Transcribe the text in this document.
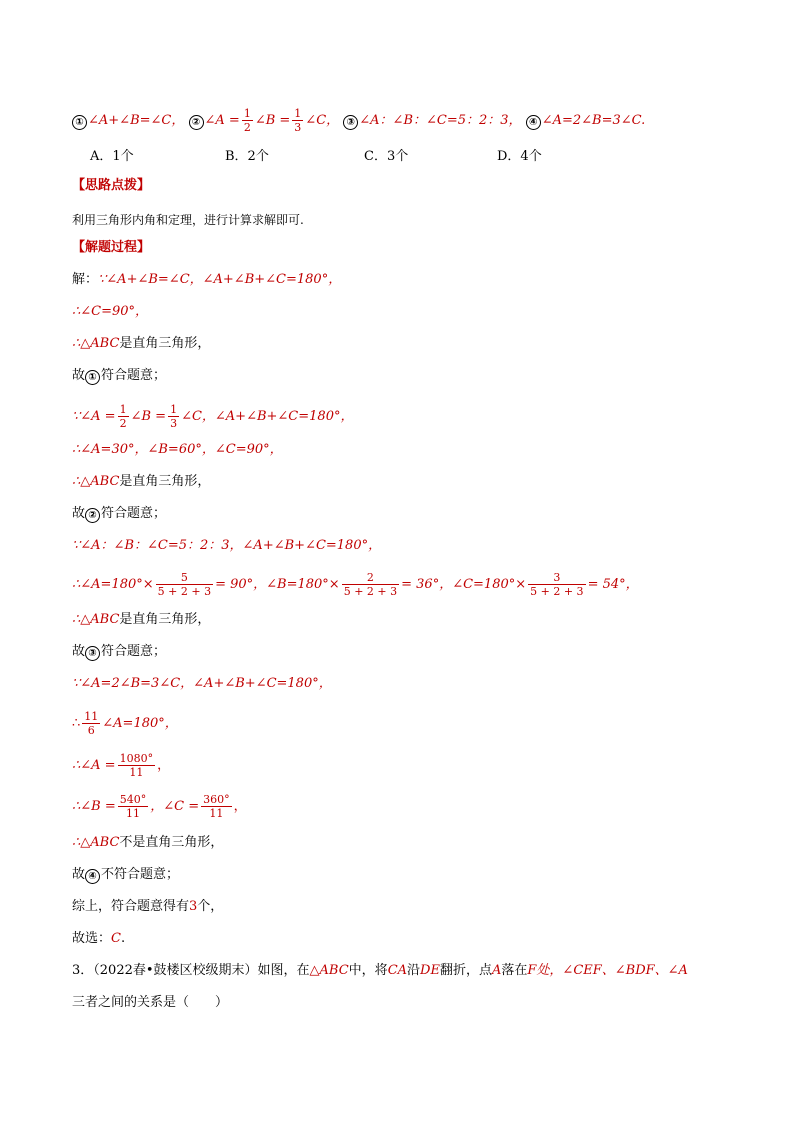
① ∠A+∠B=∠C， ② ∠A = $\frac{1}{2}$ ∠B = $\frac{1}{3}$ ∠C， ③ ∠A：∠B：∠C=5：2：3， ④ ∠A=2∠B=3∠C.
A．1个	B．2个	C．3个	D．4个
【思路点拨】
利用三角形内角和定理，进行计算求解即可.
【解题过程】
解：∵∠A+∠B=∠C，∠A+∠B+∠C=180°，
∴∠C=90°，
∴△ABC是直角三角形，
故 ① 符合题意；
∵∠A = $\frac{1}{2}$ ∠B = $\frac{1}{3}$ ∠C，∠A+∠B+∠C=180°，
∴∠A=30°，∠B=60°，∠C=90°，
∴△ABC是直角三角形，
故 ② 符合题意；
∵∠A：∠B：∠C=5：2：3，∠A+∠B+∠C=180°，
∴∠A=180°× $\frac{5}{5 + 2 + 3} = 90^\circ$，∠B=180°× $\frac{2}{5 + 2 + 3} = 36^\circ$，∠C=180°× $\frac{3}{5 + 2 + 3} = 54^\circ$，
∴△ABC是直角三角形，
故 ③ 符合题意；
∵∠A=2∠B=3∠C，∠A+∠B+∠C=180°，
∴ $\frac{11}{6}$ ∠A=180°，
∴∠A = $\frac{1080^\circ}{11}$ ，
∴∠B = $\frac{540^\circ}{11}$ ，∠C = $\frac{360^\circ}{11}$ ，
∴△ABC不是直角三角形，
故 ④ 不符合题意；
综上，符合题意得有3个，
故选：C.
3．（2022春•鼓楼区校级期末）如图，在△ABC中，将CA沿DE翻折，点A落在F处，∠CEF、∠BDF、∠A
三者之间的关系是（　　）
